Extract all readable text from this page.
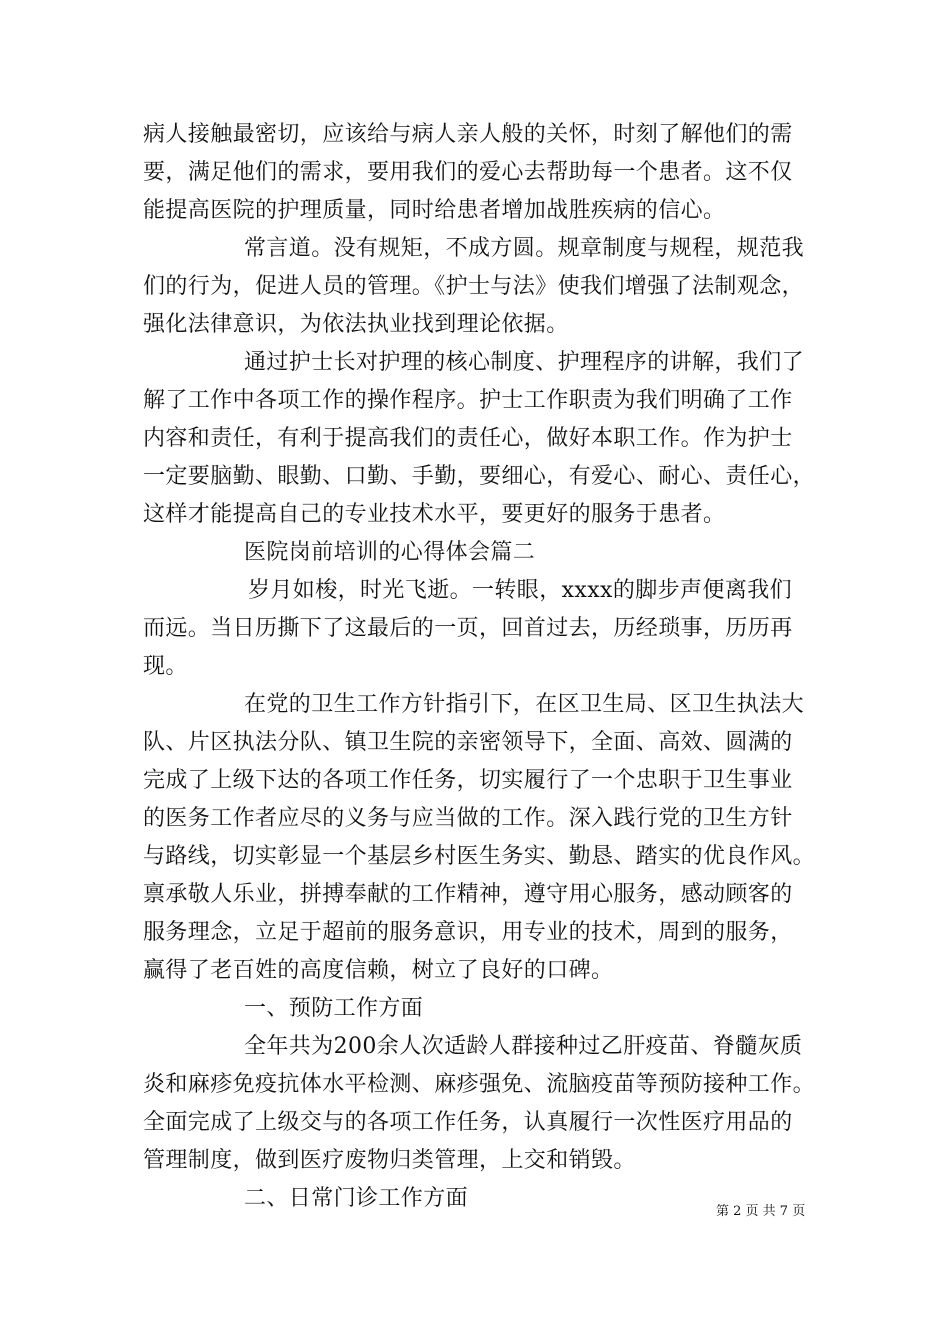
病人接触最密切，应该给与病人亲人般的关怀，时刻了解他们的需
要，满足他们的需求，要用我们的爱心去帮助每一个患者。这不仅
能提高医院的护理质量，同时给患者增加战胜疾病的信心。
常言道。没有规矩，不成方圆。规章制度与规程，规范我
们的行为，促进人员的管理。《护士与法》使我们增强了法制观念，
强化法律意识，为依法执业找到理论依据。
通过护士长对护理的核心制度、护理程序的讲解，我们了
解了工作中各项工作的操作程序。护士工作职责为我们明确了工作
内容和责任，有利于提高我们的责任心，做好本职工作。作为护士
一定要脑勤、眼勤、口勤、手勤，要细心，有爱心、耐心、责任心，
这样才能提高自己的专业技术水平，要更好的服务于患者。
医院岗前培训的心得体会篇二
岁月如梭，时光飞逝。一转眼，xxxx的脚步声便离我们
而远。当日历撕下了这最后的一页，回首过去，历经琐事，历历再
现。
在党的卫生工作方针指引下，在区卫生局、区卫生执法大
队、片区执法分队、镇卫生院的亲密领导下，全面、高效、圆满的
完成了上级下达的各项工作任务，切实履行了一个忠职于卫生事业
的医务工作者应尽的义务与应当做的工作。深入践行党的卫生方针
与路线，切实彰显一个基层乡村医生务实、勤恳、踏实的优良作风。
禀承敬人乐业，拼搏奉献的工作精神，遵守用心服务，感动顾客的
服务理念，立足于超前的服务意识，用专业的技术，周到的服务，
赢得了老百姓的高度信赖，树立了良好的口碑。
一、预防工作方面
全年共为200余人次适龄人群接种过乙肝疫苗、脊髓灰质
炎和麻疹免疫抗体水平检测、麻疹强免、流脑疫苗等预防接种工作。
全面完成了上级交与的各项工作任务，认真履行一次性医疗用品的
管理制度，做到医疗废物归类管理，上交和销毁。
二、日常门诊工作方面
第 2 页 共 7 页
